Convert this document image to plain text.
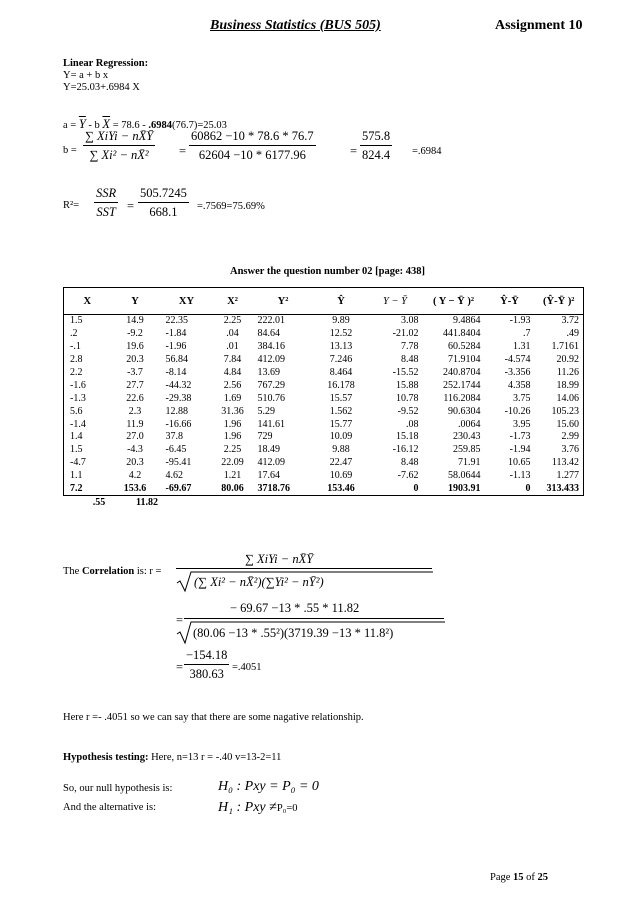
Business Statistics (BUS 505)	Assignment 10
Linear Regression:
Y= a + b x
Y=25.03+.6984 X
$a = \overline{Y} - b$ $\overline{X} = 78.6 - .6984(76.7)=25.03$
b =
∑ XiYi − nX̄Ȳ
∑ Xi² − nX̄²	= $\frac{60862 -10 * 78.6 * 76.7}{62604 -10 * 6177.96}$	= $\frac{575.8}{824.4} =.6984$
R²=
SSR
SST = $\frac{505.7245}{668.1} =.7569=75.69\%$
Answer the question number 02 [page: 438]
X	Y	XY	X²	Y²	Ŷ	Y − Ȳ	( Y − Ȳ )²	Ŷ-Ȳ	(Ŷ-Ȳ )²
1.5	14.9	22.35	2.25	222.01	9.89	3.08	9.4864	-1.93	3.72
.2	-9.2	-1.84	.04	84.64	12.52	-21.02	441.8404	.7	.49
-.1	19.6	-1.96	.01	384.16	13.13	7.78	60.5284	1.31	1.7161
2.8	20.3	56.84	7.84	412.09	7.246	8.48	71.9104	-4.574	20.92
2.2	-3.7	-8.14	4.84	13.69	8.464	-15.52	240.8704	-3.356	11.26
-1.6	27.7	-44.32	2.56	767.29	16.178	15.88	252.1744	4.358	18.99
-1.3	22.6	-29.38	1.69	510.76	15.57	10.78	116.2084	3.75	14.06
5.6	2.3	12.88	31.36	5.29	1.562	-9.52	90.6304	-10.26	105.23
-1.4	11.9	-16.66	1.96	141.61	15.77	.08	.0064	3.95	15.60
1.4	27.0	37.8	1.96	729	10.09	15.18	230.43	-1.73	2.99
1.5	-4.3	-6.45	2.25	18.49	9.88	-16.12	259.85	-1.94	3.76
-4.7	20.3	-95.41	22.09	412.09	22.47	8.48	71.91	10.65	113.42
1.1	4.2	4.62	1.21	17.64	10.69	-7.62	58.0644	-1.13	1.277
7.2	153.6	-69.67	80.06	3718.76	153.46	0	1903.91	0	313.433
.55	11.82								
The Correlation is: r =
∑ XiYi − nX̄Ȳ
(∑ Xi² − nX̄²)(∑Yi² − nȲ²)
=
− 69.67 −13 * .55 * 11.82
(80.06 −13 * .55²)(3719.39 −13 * 11.8²)
= $\frac{-154.18}{380.63} =.4051$
Here r =- .4051 so we can say that there are some nagative relationship.
Hypothesis testing: Here, n=13 r = -.40 v=13-2=11
So, our null hypothesis is:	H₀ : Pxy = P₀ = 0
And the alternative is:	H₁ : Pxy ≠P₀=0
Page 15 of 25
